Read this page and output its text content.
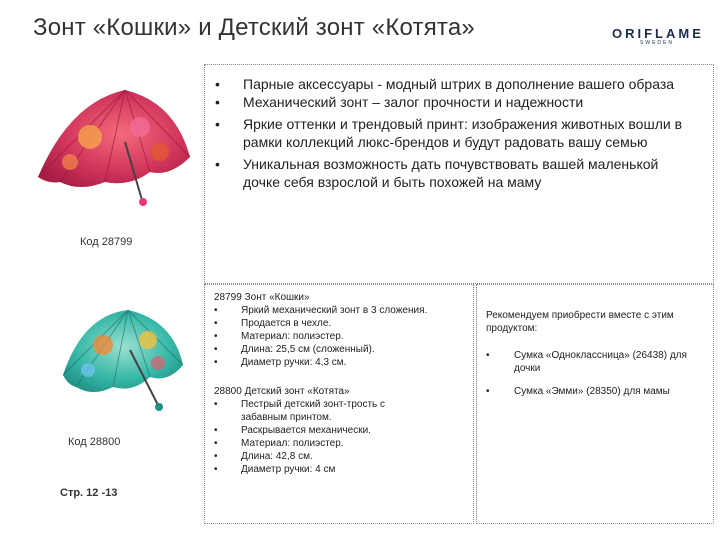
Зонт «Кошки» и Детский зонт «Котята»	ORIFLAME
SWEDEN
Код 28799
Код 28800
Стр. 12 -13
• Парные аксессуары - модный штрих в дополнение вашего образа
• Механический зонт – залог прочности и надежности
• Яркие оттенки и трендовый принт: изображения животных вошли в рамки коллекций люкс-брендов и будут радовать вашу семью
• Уникальная возможность дать почувствовать вашей маленькой дочке себя взрослой и быть похожей на маму
28799 Зонт «Кошки»
• Яркий механический зонт в 3 сложения.
• Продается в чехле.
• Материал: полиэстер.
• Длина: 25,5 см (сложенный).
• Диаметр ручки: 4,3 см.
28800 Детский зонт «Котята»
• Пестрый детский зонт-трость с забавным принтом.
• Раскрывается механически.
• Материал: полиэстер.
• Длина: 42,8 см.
• Диаметр ручки: 4 см
Рекомендуем приобрести вместе с этим продуктом:
• Сумка «Одноклассница» (26438) для дочки
• Сумка «Эмми» (28350) для мамы
